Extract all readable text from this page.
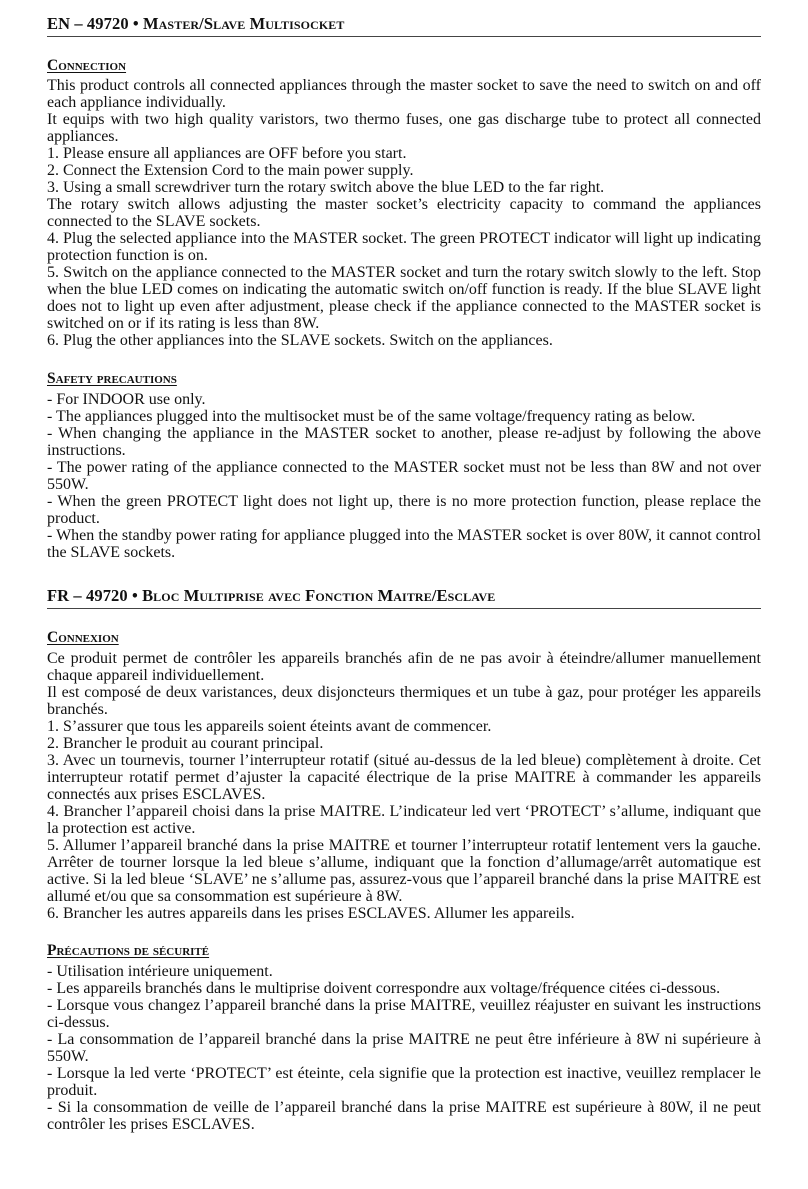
EN – 49720 • Master/Slave Multisocket
Connection

This product controls all connected appliances through the master socket to save the need to switch on and off each appliance individually.

It equips with two high quality varistors, two thermo fuses, one gas discharge tube to protect all connected appliances.

1. Please ensure all appliances are OFF before you start.

2. Connect the Extension Cord to the main power supply.

3. Using a small screwdriver turn the rotary switch above the blue LED to the far right.

The rotary switch allows adjusting the master socket’s electricity capacity to command the appliances connected to the SLAVE sockets.

4. Plug the selected appliance into the MASTER socket. The green PROTECT indicator will light up indicating protection function is on.

5. Switch on the appliance connected to the MASTER socket and turn the rotary switch slowly to the left. Stop when the blue LED comes on indicating the automatic switch on/off function is ready. If the blue SLAVE light does not to light up even after adjustment, please check if the appliance connected to the MASTER socket is switched on or if its rating is less than 8W.

6. Plug the other appliances into the SLAVE sockets. Switch on the appliances.

Safety precautions

- For INDOOR use only.

- The appliances plugged into the multisocket must be of the same voltage/frequency rating as below.

- When changing the appliance in the MASTER socket to another, please re-adjust by following the above instructions.

- The power rating of the appliance connected to the MASTER socket must not be less than 8W and not over 550W.

- When the green PROTECT light does not light up, there is no more protection function, please replace the product.

- When the standby power rating for appliance plugged into the MASTER socket is over 80W, it cannot control the SLAVE sockets.

FR – 49720 • Bloc Multiprise avec Fonction Maitre/Esclave
Connexion

Ce produit permet de contrôler les appareils branchés afin de ne pas avoir à éteindre/allumer manuellement chaque appareil individuellement.

Il est composé de deux varistances, deux disjoncteurs thermiques et un tube à gaz, pour protéger les appareils branchés.

1. S’assurer que tous les appareils soient éteints avant de commencer.

2. Brancher le produit au courant principal.

3. Avec un tournevis, tourner l’interrupteur rotatif (situé au-dessus de la led bleue) complètement à droite. Cet interrupteur rotatif permet d’ajuster la capacité électrique de la prise MAITRE à commander les appareils connectés aux prises ESCLAVES.

4. Brancher l’appareil choisi dans la prise MAITRE. L’indicateur led vert ‘PROTECT’ s’allume, indiquant que la protection est active.

5. Allumer l’appareil branché dans la prise MAITRE et tourner l’interrupteur rotatif lentement vers la gauche. Arrêter de tourner lorsque la led bleue s’allume, indiquant que la fonction d’allumage/arrêt automatique est active. Si la led bleue ‘SLAVE’ ne s’allume pas, assurez-vous que l’appareil branché dans la prise MAITRE est allumé et/ou que sa consommation est supérieure à 8W.

6. Brancher les autres appareils dans les prises ESCLAVES. Allumer les appareils.

Précautions de sécurité

- Utilisation intérieure uniquement.

- Les appareils branchés dans le multiprise doivent correspondre aux voltage/fréquence citées ci-dessous.

- Lorsque vous changez l’appareil branché dans la prise MAITRE, veuillez réajuster en suivant les instructions ci-dessus.

- La consommation de l’appareil branché dans la prise MAITRE ne peut être inférieure à 8W ni supérieure à 550W.

- Lorsque la led verte ‘PROTECT’ est éteinte, cela signifie que la protection est inactive, veuillez remplacer le produit.

- Si la consommation de veille de l’appareil branché dans la prise MAITRE est supérieure à 80W, il ne peut contrôler les prises ESCLAVES.
